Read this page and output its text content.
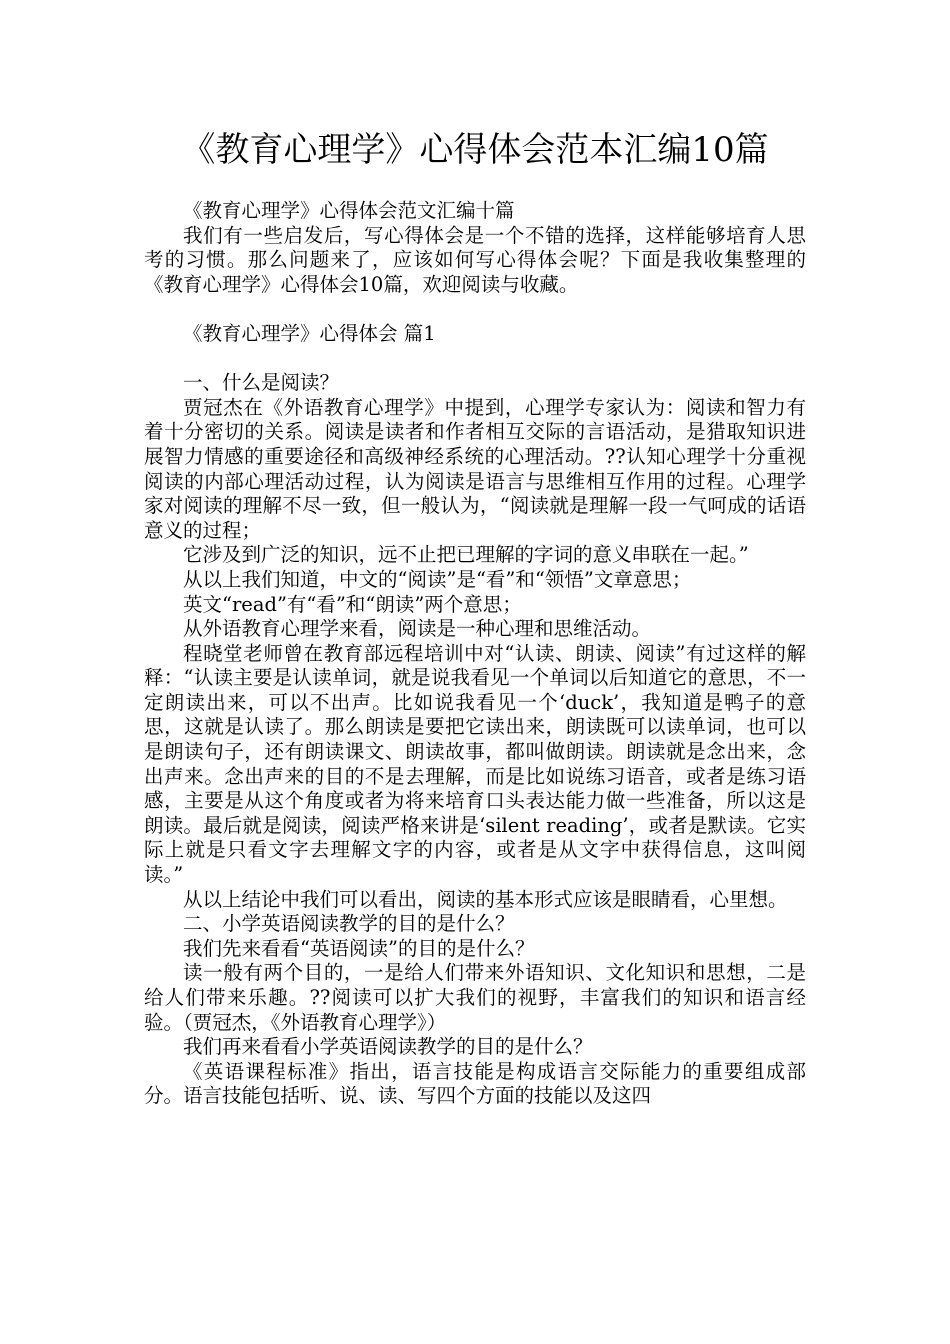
《教育心理学》心得体会范本汇编10篇

《教育心理学》心得体会范文汇编十篇

我们有一些启发后，写心得体会是一个不错的选择，这样能够培育人思考的习惯。那么问题来了，应该如何写心得体会呢？下面是我收集整理的《教育心理学》心得体会10篇，欢迎阅读与收藏。

《教育心理学》心得体会 篇1

一、什么是阅读？

贾冠杰在《外语教育心理学》中提到，心理学专家认为：阅读和智力有着十分密切的关系。阅读是读者和作者相互交际的言语活动，是猎取知识进展智力情感的重要途径和高级神经系统的心理活动。??认知心理学十分重视阅读的内部心理活动过程，认为阅读是语言与思维相互作用的过程。心理学家对阅读的理解不尽一致，但一般认为，“阅读就是理解一段一气呵成的话语意义的过程；

它涉及到广泛的知识，远不止把已理解的字词的意义串联在一起。”

从以上我们知道，中文的“阅读”是“看”和“领悟”文章意思；

英文“read”有“看”和“朗读”两个意思；

从外语教育心理学来看，阅读是一种心理和思维活动。

程晓堂老师曾在教育部远程培训中对“认读、朗读、阅读”有过这样的解释：“认读主要是认读单词，就是说我看见一个单词以后知道它的意思，不一定朗读出来，可以不出声。比如说我看见一个‘duck’，我知道是鸭子的意思，这就是认读了。那么朗读是要把它读出来，朗读既可以读单词，也可以是朗读句子，还有朗读课文、朗读故事，都叫做朗读。朗读就是念出来，念出声来。念出声来的目的不是去理解，而是比如说练习语音，或者是练习语感，主要是从这个角度或者为将来培育口头表达能力做一些准备，所以这是朗读。最后就是阅读，阅读严格来讲是‘silent reading’，或者是默读。它实际上就是只看文字去理解文字的内容，或者是从文字中获得信息，这叫阅读。”

从以上结论中我们可以看出，阅读的基本形式应该是眼睛看，心里想。

二、小学英语阅读教学的目的是什么？

我们先来看看“英语阅读”的目的是什么？

读一般有两个目的，一是给人们带来外语知识、文化知识和思想，二是给人们带来乐趣。??阅读可以扩大我们的视野，丰富我们的知识和语言经验。（贾冠杰，《外语教育心理学》）

我们再来看看小学英语阅读教学的目的是什么？

《英语课程标准》指出，语言技能是构成语言交际能力的重要组成部分。语言技能包括听、说、读、写四个方面的技能以及这四
